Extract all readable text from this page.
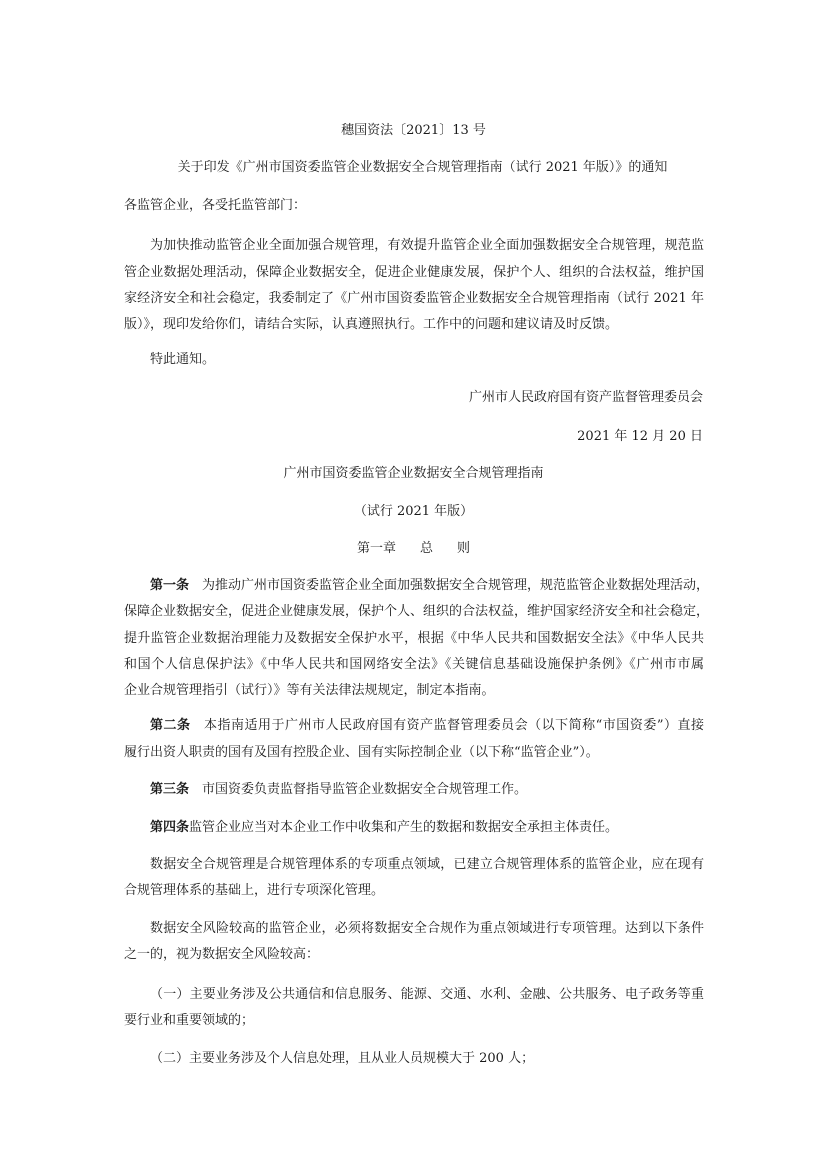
穗国资法〔2021〕13 号
关于印发《广州市国资委监管企业数据安全合规管理指南（试行 2021 年版）》的通知
各监管企业，各受托监管部门：
为加快推动监管企业全面加强合规管理，有效提升监管企业全面加强数据安全合规管理，规范监
管企业数据处理活动，保障企业数据安全，促进企业健康发展，保护个人、组织的合法权益，维护国
家经济安全和社会稳定，我委制定了《广州市国资委监管企业数据安全合规管理指南（试行 2021 年
版）》，现印发给你们，请结合实际，认真遵照执行。工作中的问题和建议请及时反馈。
特此通知。
广州市人民政府国有资产监督管理委员会
2021 年 12 月 20 日
广州市国资委监管企业数据安全合规管理指南
（试行 2021 年版）
第一章 总 则
第一条  为推动广州市国资委监管企业全面加强数据安全合规管理，规范监管企业数据处理活动，
保障企业数据安全，促进企业健康发展，保护个人、组织的合法权益，维护国家经济安全和社会稳定，
提升监管企业数据治理能力及数据安全保护水平，根据《中华人民共和国数据安全法》《中华人民共
和国个人信息保护法》《中华人民共和国网络安全法》《关键信息基础设施保护条例》《广州市市属
企业合规管理指引（试行）》等有关法律法规规定，制定本指南。
第二条  本指南适用于广州市人民政府国有资产监督管理委员会（以下简称“市国资委”）直接
履行出资人职责的国有及国有控股企业、国有实际控制企业（以下称“监管企业”）。
第三条  市国资委负责监督指导监管企业数据安全合规管理工作。
第四条监管企业应当对本企业工作中收集和产生的数据和数据安全承担主体责任。
数据安全合规管理是合规管理体系的专项重点领域，已建立合规管理体系的监管企业，应在现有
合规管理体系的基础上，进行专项深化管理。
数据安全风险较高的监管企业，必须将数据安全合规作为重点领域进行专项管理。达到以下条件
之一的，视为数据安全风险较高：
（一）主要业务涉及公共通信和信息服务、能源、交通、水利、金融、公共服务、电子政务等重
要行业和重要领域的；
（二）主要业务涉及个人信息处理，且从业人员规模大于 200 人；
